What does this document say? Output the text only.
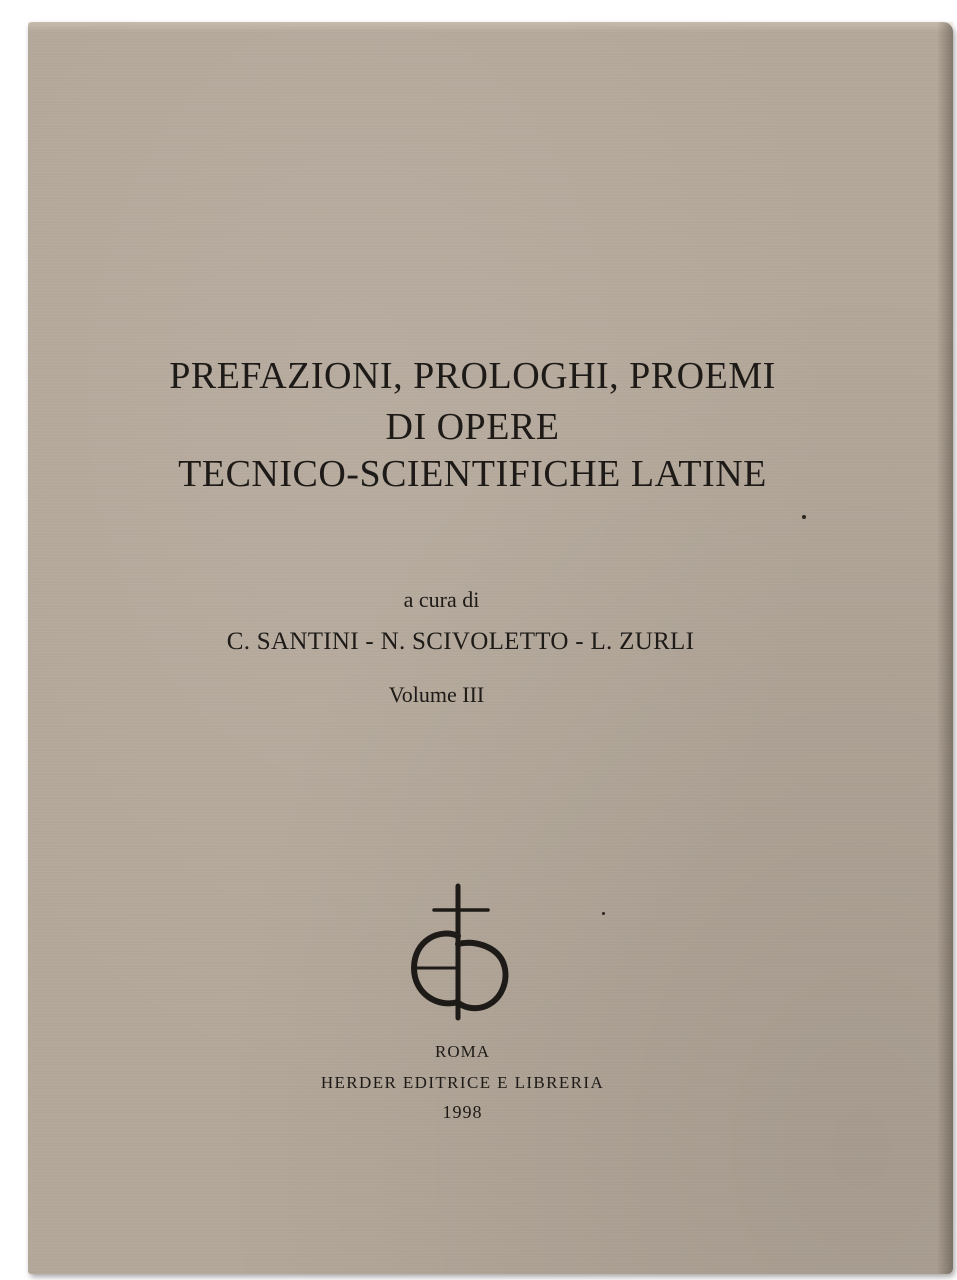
PREFAZIONI, PROLOGHI, PROEMI
DI OPERE
TECNICO-SCIENTIFICHE LATINE
a cura di
C. SANTINI - N. SCIVOLETTO - L. ZURLI
Volume III
ROMA
HERDER EDITRICE E LIBRERIA
1998
